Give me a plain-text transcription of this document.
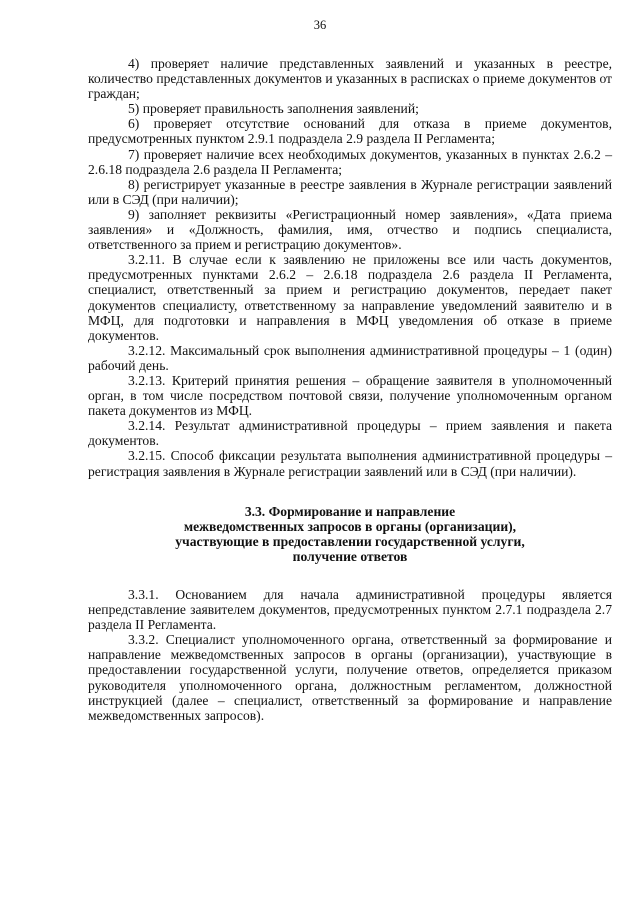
36

4) проверяет наличие представленных заявлений и указанных в реестре, количество представленных документов и указанных в расписках о приеме документов от граждан;

5) проверяет правильность заполнения заявлений;

6) проверяет отсутствие оснований для отказа в приеме документов, предусмотренных пунктом 2.9.1 подраздела 2.9 раздела II Регламента;

7) проверяет наличие всех необходимых документов, указанных в пунктах 2.6.2 –2.6.18 подраздела 2.6 раздела II Регламента;

8) регистрирует указанные в реестре заявления в Журнале регистрации заявлений или в СЭД (при наличии);

9) заполняет реквизиты «Регистрационный номер заявления», «Дата приема заявления» и «Должность, фамилия, имя, отчество и подпись специалиста, ответственного за прием и регистрацию документов».

3.2.11. В случае если к заявлению не приложены все или часть документов, предусмотренных пунктами 2.6.2 – 2.6.18 подраздела 2.6 раздела II Регламента, специалист, ответственный за прием и регистрацию документов, передает пакет документов специалисту, ответственному за направление уведомлений заявителю и в МФЦ, для подготовки и направления в МФЦ уведомления об отказе в приеме документов.

3.2.12. Максимальный срок выполнения административной процедуры – 1 (один) рабочий день.

3.2.13. Критерий принятия решения – обращение заявителя в уполномоченный орган, в том числе посредством почтовой связи, получение уполномоченным органом пакета документов из МФЦ.

3.2.14. Результат административной процедуры – прием заявления и пакета документов.

3.2.15. Способ фиксации результата выполнения административной процедуры – регистрация заявления в Журнале регистрации заявлений или в СЭД (при наличии).

3.3. Формирование и направление
межведомственных запросов в органы (организации),
участвующие в предоставлении государственной услуги,
получение ответов

3.3.1. Основанием для начала административной процедуры является непредставление заявителем документов, предусмотренных пунктом 2.7.1 подраздела 2.7 раздела II Регламента.

3.3.2. Специалист уполномоченного органа, ответственный за формирование и направление межведомственных запросов в органы (организации), участвующие в предоставлении государственной услуги, получение ответов, определяется приказом руководителя уполномоченного органа, должностным регламентом, должностной инструкцией (далее – специалист, ответственный за формирование и направление межведомственных запросов).
